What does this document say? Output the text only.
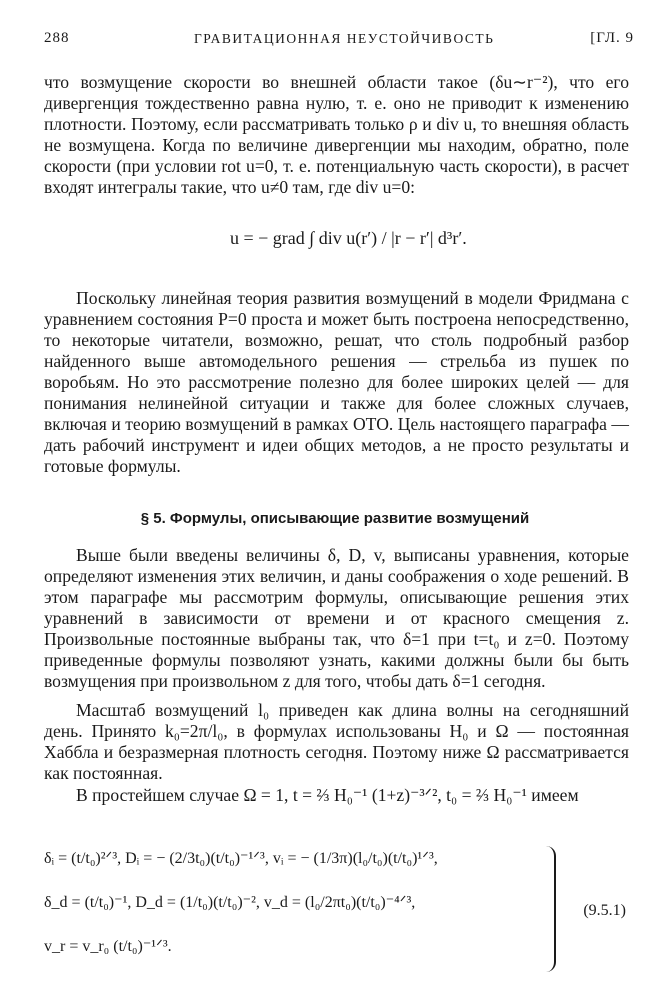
288	ГРАВИТАЦИОННАЯ НЕУСТОЙЧИВОСТЬ	[ГЛ. 9

что возмущение скорости во внешней области такое (δu∼r⁻²), что его дивергенция тождественно равна нулю, т. е. оно не приводит к изменению плотности. Поэтому, если рассматривать только ρ и div u, то внешняя область не возмущена. Когда по величине дивергенции мы находим, обратно, поле скорости (при условии rot u=0, т. е. потенциальную часть скорости), в расчет входят интегралы такие, что u≠0 там, где div u=0:

u = − grad ∫ div u(r′) / |r − r′| d³r′.

Поскольку линейная теория развития возмущений в модели Фридмана с уравнением состояния P=0 проста и может быть построена непосредственно, то некоторые читатели, возможно, решат, что столь подробный разбор найденного выше автомодельного решения — стрельба из пушек по воробьям. Но это рассмотрение полезно для более широких целей — для понимания нелинейной ситуации и также для более сложных случаев, включая и теорию возмущений в рамках ОТО. Цель настоящего параграфа — дать рабочий инструмент и идеи общих методов, а не просто результаты и готовые формулы.

§ 5. Формулы, описывающие развитие возмущений

Выше были введены величины δ, D, v, выписаны уравнения, которые определяют изменения этих величин, и даны соображения о ходе решений. В этом параграфе мы рассмотрим формулы, описывающие решения этих уравнений в зависимости от времени и от красного смещения z. Произвольные постоянные выбраны так, что δ=1 при t=t₀ и z=0. Поэтому приведенные формулы позволяют узнать, какими должны были бы быть возмущения при произвольном z для того, чтобы дать δ=1 сегодня.

Масштаб возмущений l₀ приведен как длина волны на сегодняшний день. Принято k₀=2π/l₀, в формулах использованы H₀ и Ω — постоянная Хаббла и безразмерная плотность сегодня. Поэтому ниже Ω рассматривается как постоянная.

В простейшем случае Ω = 1, t = ⅔ H₀⁻¹ (1+z)⁻³ᐟ², t₀ = ⅔ H₀⁻¹ имеем

δᵢ = (t/t₀)²ᐟ³, Dᵢ = − (2/3t₀)(t/t₀)⁻¹ᐟ³, vᵢ = − (1/3π)(l₀/t₀)(t/t₀)¹ᐟ³,
δ_d = (t/t₀)⁻¹, D_d = (1/t₀)(t/t₀)⁻², v_d = (l₀/2πt₀)(t/t₀)⁻⁴ᐟ³,
v_r = v_r₀ (t/t₀)⁻¹ᐟ³.
(9.5.1)
